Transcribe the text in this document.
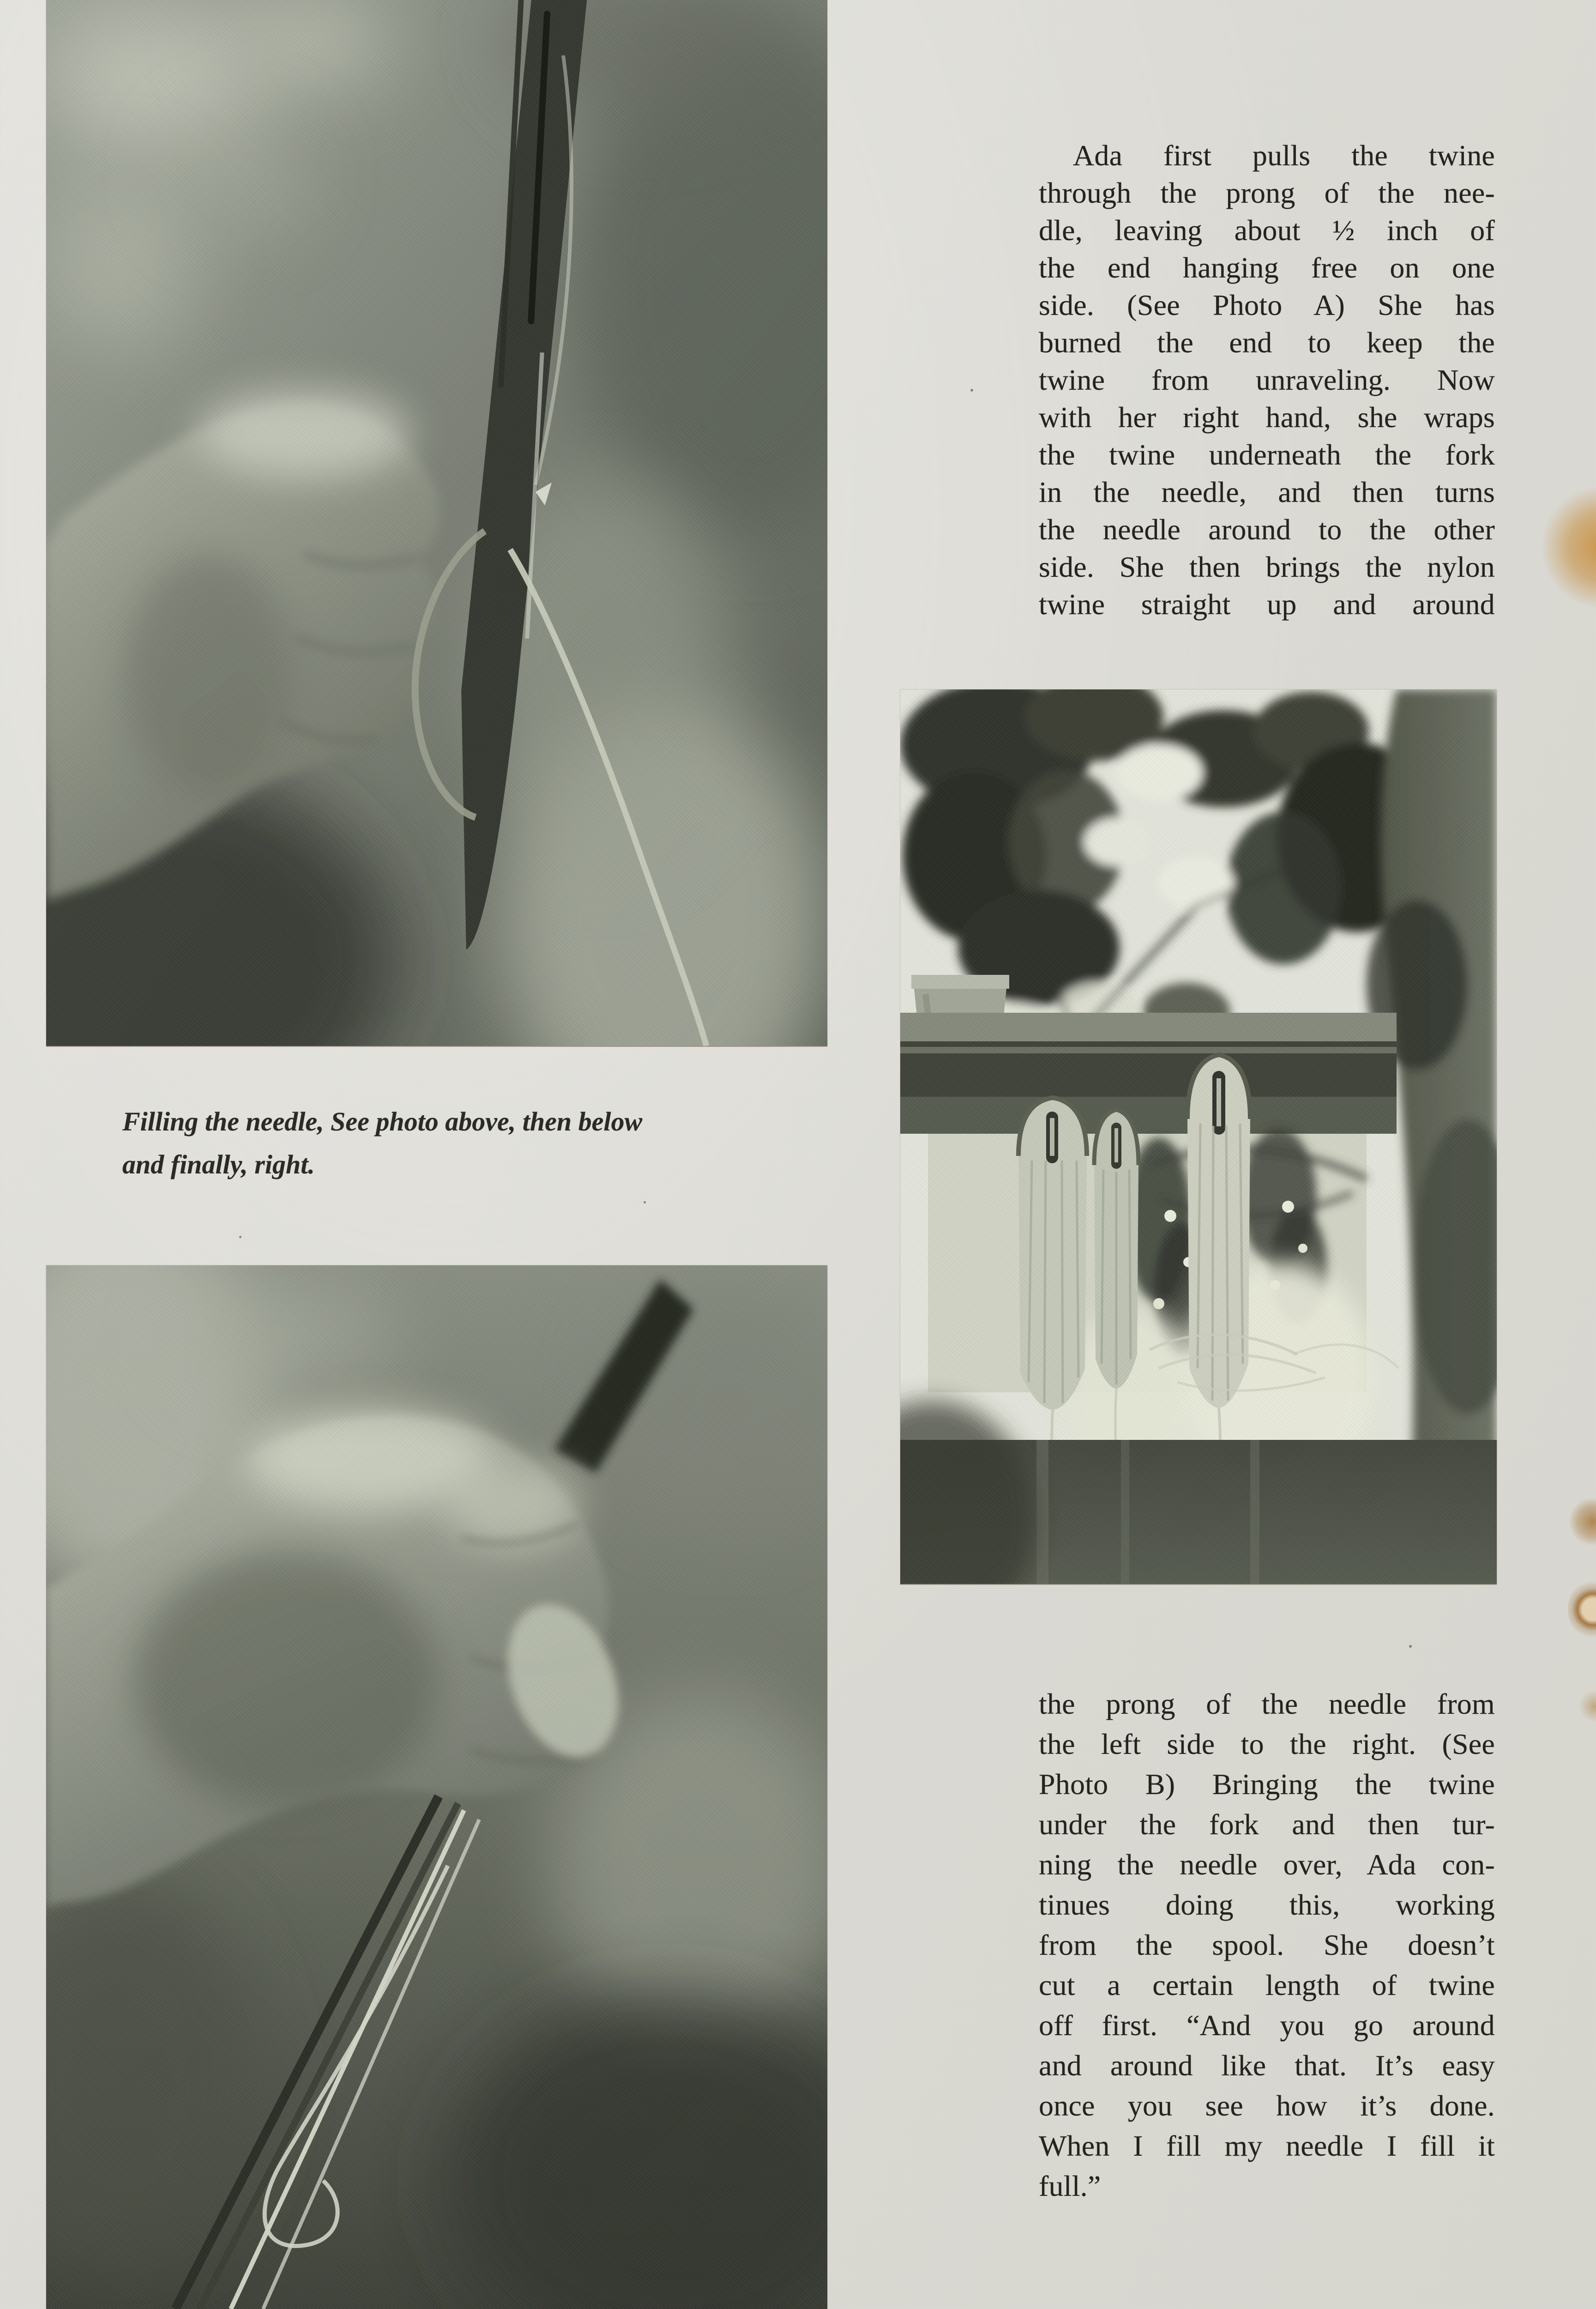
Ada first pulls the twine
through the prong of the nee-
dle, leaving about ½ inch of
the end hanging free on one
side. (See Photo A) She has
burned the end to keep the
twine from unraveling. Now
with her right hand, she wraps
the twine underneath the fork
in the needle, and then turns
the needle around to the other
side. She then brings the nylon
twine straight up and around
Filling the needle, See photo above, then below
and finally, right.
the prong of the needle from
the left side to the right. (See
Photo B) Bringing the twine
under the fork and then tur-
ning the needle over, Ada con-
tinues doing this, working
from the spool. She doesn’t
cut a certain length of twine
off first. “And you go around
and around like that. It’s easy
once you see how it’s done.
When I fill my needle I fill it
full.”
